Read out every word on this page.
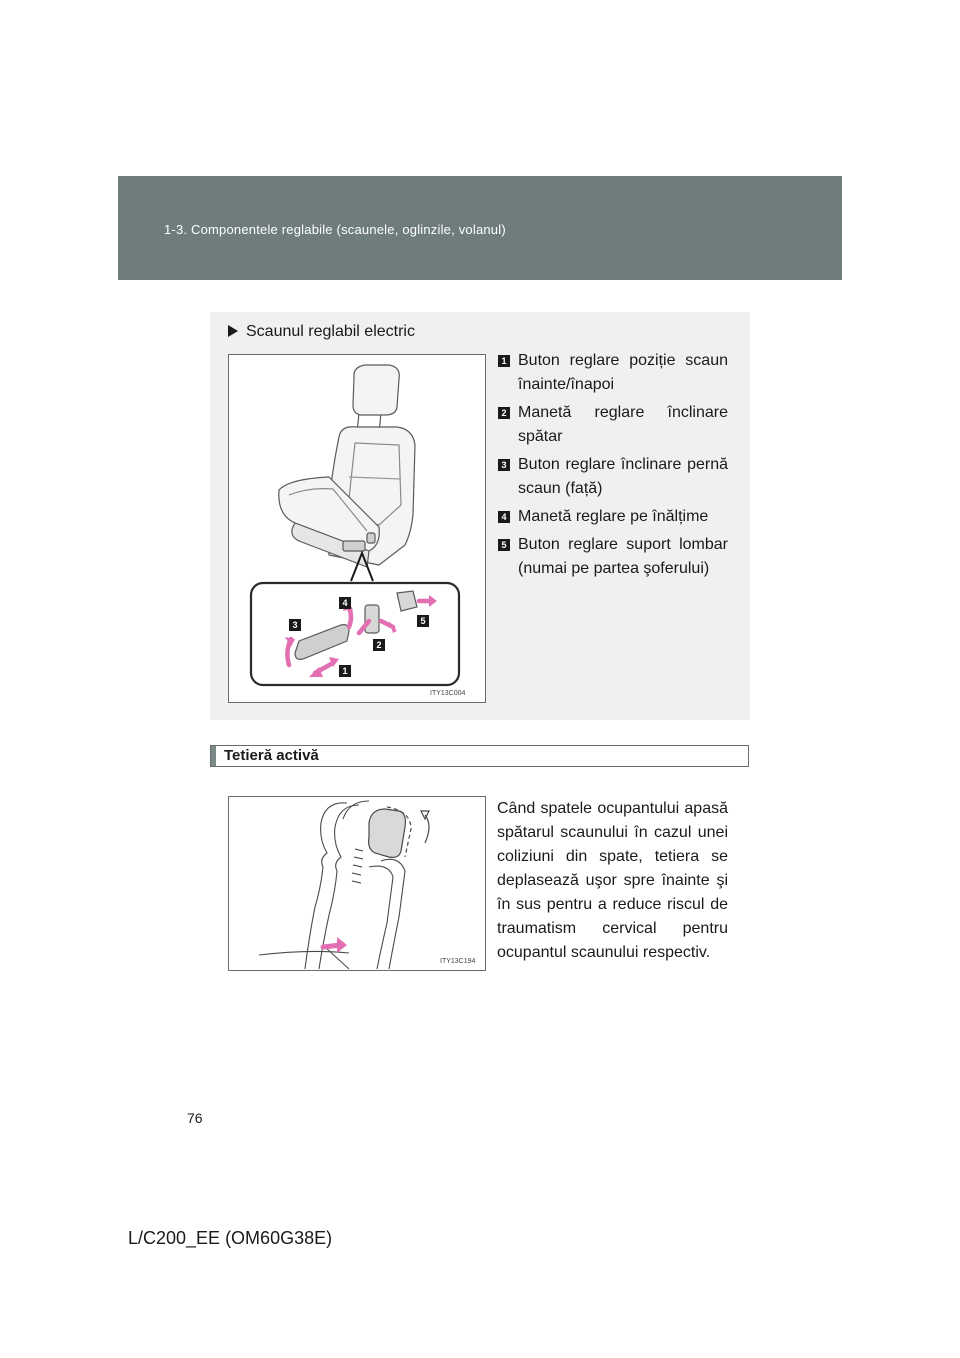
1-3. Componentele reglabile (scaunele, oglinzile, volanul)
Scaunul reglabil electric
4
3	5
2
1
ITY13C004
1 Buton reglare poziție scaun înainte/înapoi
2 Manetă reglare înclinare spătar
3 Buton reglare înclinare pernă scaun (față)
4 Manetă reglare pe înălțime
5 Buton reglare suport lombar (numai pe partea şoferului)
Tetieră activă
ITY13C194
Când spatele ocupantului apasă spătarul scaunului în cazul unei coliziuni din spate, tetiera se deplasează uşor spre înainte şi în sus pentru a reduce riscul de traumatism cervical pentru ocupantul scaunului respectiv.
76
L/C200_EE (OM60G38E)
